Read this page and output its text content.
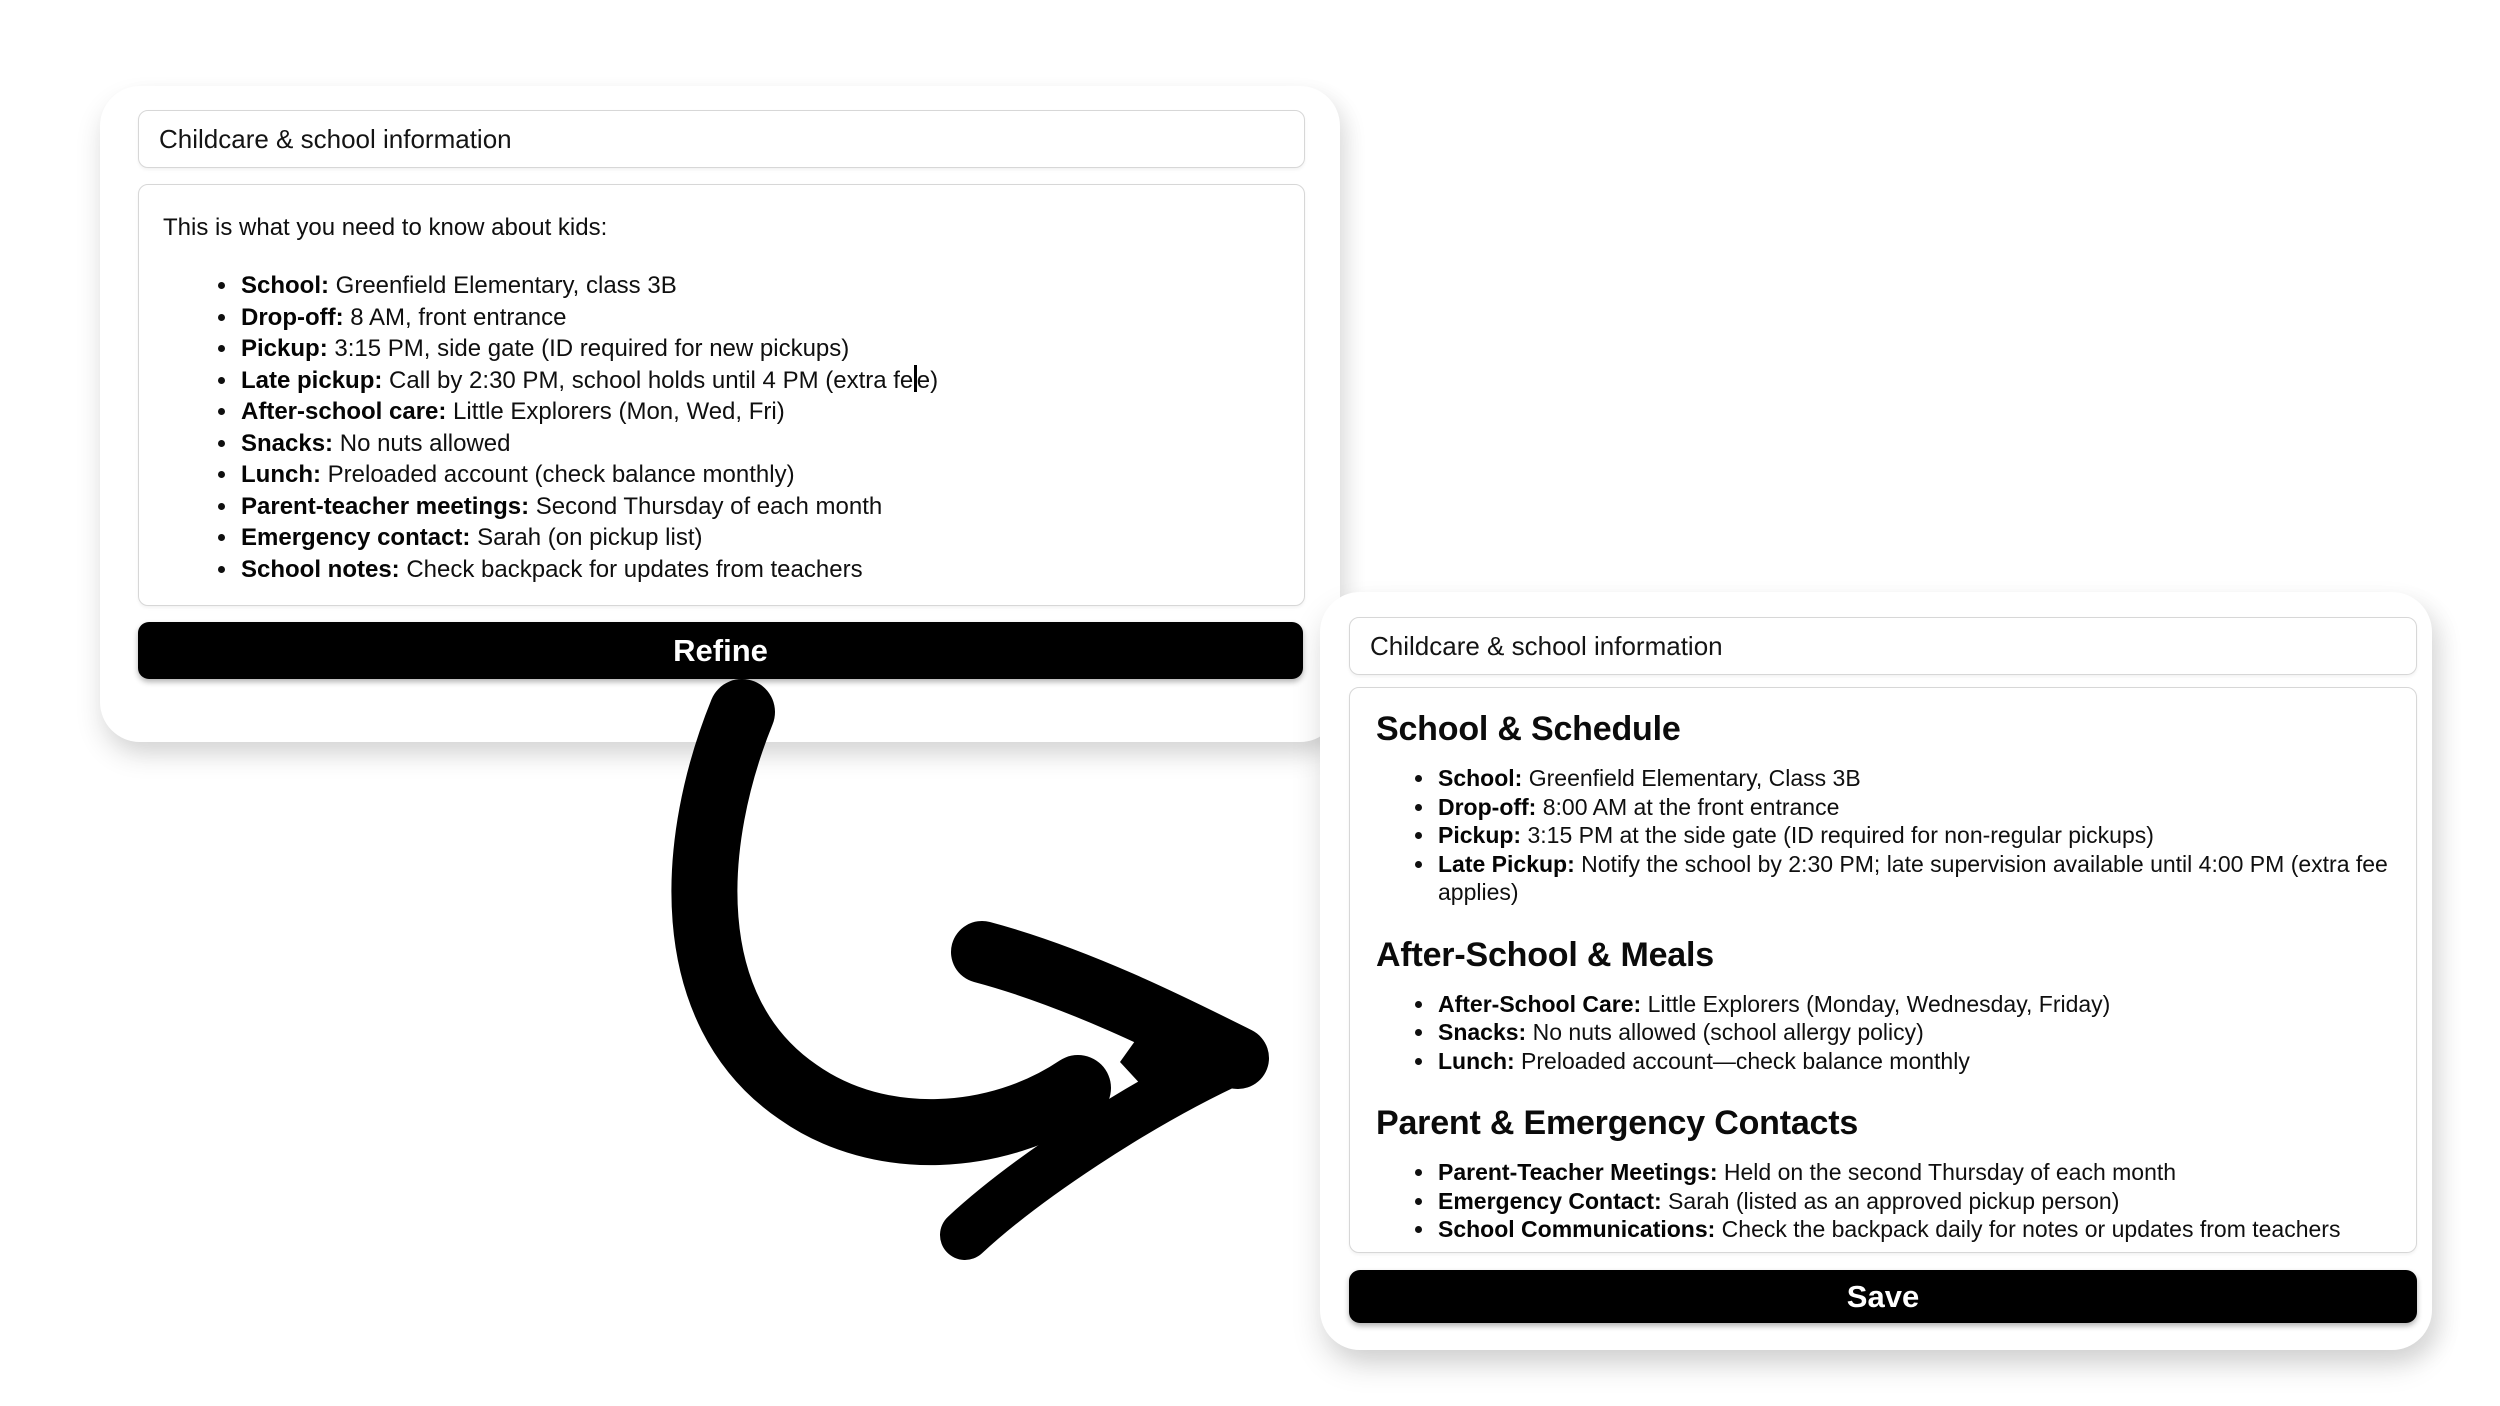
Childcare & school information

This is what you need to know about kids:

• School: Greenfield Elementary, class 3B
• Drop-off: 8 AM, front entrance
• Pickup: 3:15 PM, side gate (ID required for new pickups)
• Late pickup: Call by 2:30 PM, school holds until 4 PM (extra fe e)
• After-school care: Little Explorers (Mon, Wed, Fri)
• Snacks: No nuts allowed
• Lunch: Preloaded account (check balance monthly)
• Parent-teacher meetings: Second Thursday of each month
• Emergency contact: Sarah (on pickup list)
• School notes: Check backpack for updates from teachers
Refine	Childcare & school information
School & Schedule
• School: Greenfield Elementary, Class 3B
• Drop-off: 8:00 AM at the front entrance
• Pickup: 3:15 PM at the side gate (ID required for non-regular pickups)
• Late Pickup: Notify the school by 2:30 PM; late supervision available until 4:00 PM (extra fee applies)
After-School & Meals
• After-School Care: Little Explorers (Monday, Wednesday, Friday)
• Snacks: No nuts allowed (school allergy policy)
• Lunch: Preloaded account—check balance monthly
Parent & Emergency Contacts
• Parent-Teacher Meetings: Held on the second Thursday of each month
• Emergency Contact: Sarah (listed as an approved pickup person)
• School Communications: Check the backpack daily for notes or updates from teachers
Save
